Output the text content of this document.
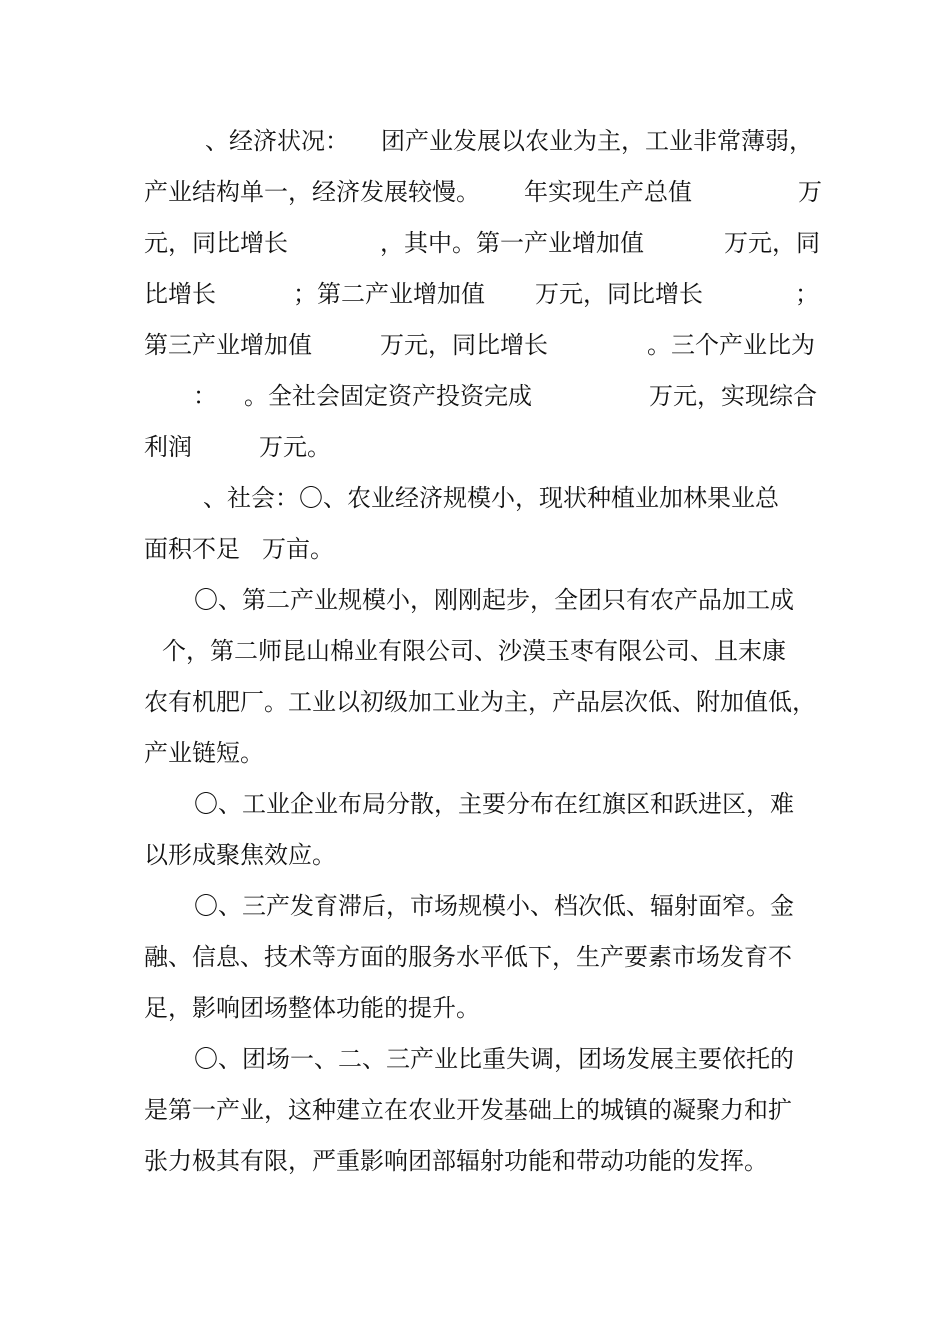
、经济状况：

团产业发展以农业为主，工业非常薄弱，

产业结构单一，经济发展较慢。

年实现生产总值

	万

元，同比增长

	，其中。第一产业增加值

	万元，同

比增长

	；第二产业增加值

万元，同比增长

	；

第三产业增加值

	万元，同比增长

	。三个产业比为

：

。全社会固定资产投资完成

	万元，实现综合

利润

	万元。

、社会：〇、农业经济规模小，现状种植业加林果业总

面积不足

万亩。

〇、第二产业规模小，刚刚起步，全团只有农产品加工成

个，第二师昆山棉业有限公司、沙漠玉枣有限公司、且末康

农有机肥厂。工业以初级加工业为主，产品层次低、附加值低，

产业链短。

〇、工业企业布局分散，主要分布在红旗区和跃进区，难

以形成聚焦效应。

〇、三产发育滞后，市场规模小、档次低、辐射面窄。金

融、信息、技术等方面的服务水平低下，生产要素市场发育不

足，影响团场整体功能的提升。

〇、团场一、二、三产业比重失调，团场发展主要依托的

是第一产业，这种建立在农业开发基础上的城镇的凝聚力和扩

张力极其有限，严重影响团部辐射功能和带动功能的发挥。
